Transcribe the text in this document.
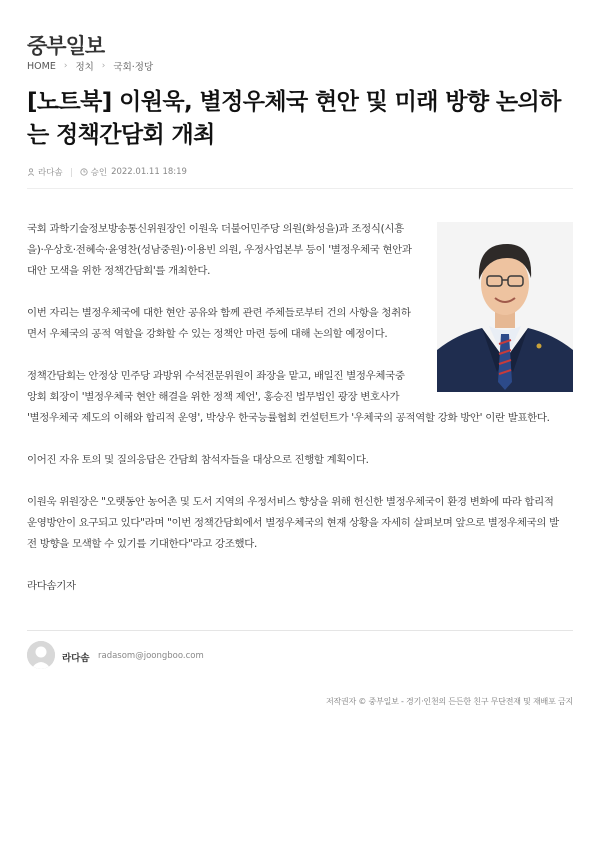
중부일보
HOME › 정치 › 국회·정당
[노트북] 이원욱, 별정우체국 현안 및 미래 방향 논의하는 정책간담회 개최
라다솜	승인 2022.01.11 18:19

국회 과학기술정보방송통신위원장인 이원욱 더불어민주당 의원(화성을)과 조정식(시흥
을)·우상호·전혜숙·윤영찬(성남중원)·이용빈 의원, 우정사업본부 등이 '별정우체국 현안과
대안 모색을 위한 정책간담회'를 개최한다.

이번 자리는 별정우체국에 대한 현안 공유와 함께 관련 주체들로부터 건의 사항을 청취하
면서 우체국의 공적 역할을 강화할 수 있는 정책안 마련 등에 대해 논의할 예정이다.

정책간담회는 안정상 민주당 과방위 수석전문위원이 좌장을 맡고, 배일진 별정우체국중
앙회 회장이 '별정우체국 현안 해결을 위한 정책 제언', 홍승진 법무법인 광장 변호사가
'별정우체국 제도의 이해와 합리적 운영', 박상우 한국능률협회 컨설턴트가 '우체국의 공적역할 강화 방안' 이란 발표한다.

이어진 자유 토의 및 질의응답은 간담회 참석자들을 대상으로 진행할 계획이다.

이원욱 위원장은 "오랫동안 농어촌 및 도서 지역의 우정서비스 향상을 위해 헌신한 별정우체국이 환경 변화에 따라 합리적
운영방안이 요구되고 있다"라며 "이번 정책간담회에서 별정우체국의 현재 상황을 자세히 살펴보며 앞으로 별정우체국의 발
전 방향을 모색할 수 있기를 기대한다"라고 강조했다.

라다솜기자

라다솜 radasom@joongboo.com
저작권자 © 중부일보 - 경기·인천의 든든한 친구 무단전재 및 재배포 금지
